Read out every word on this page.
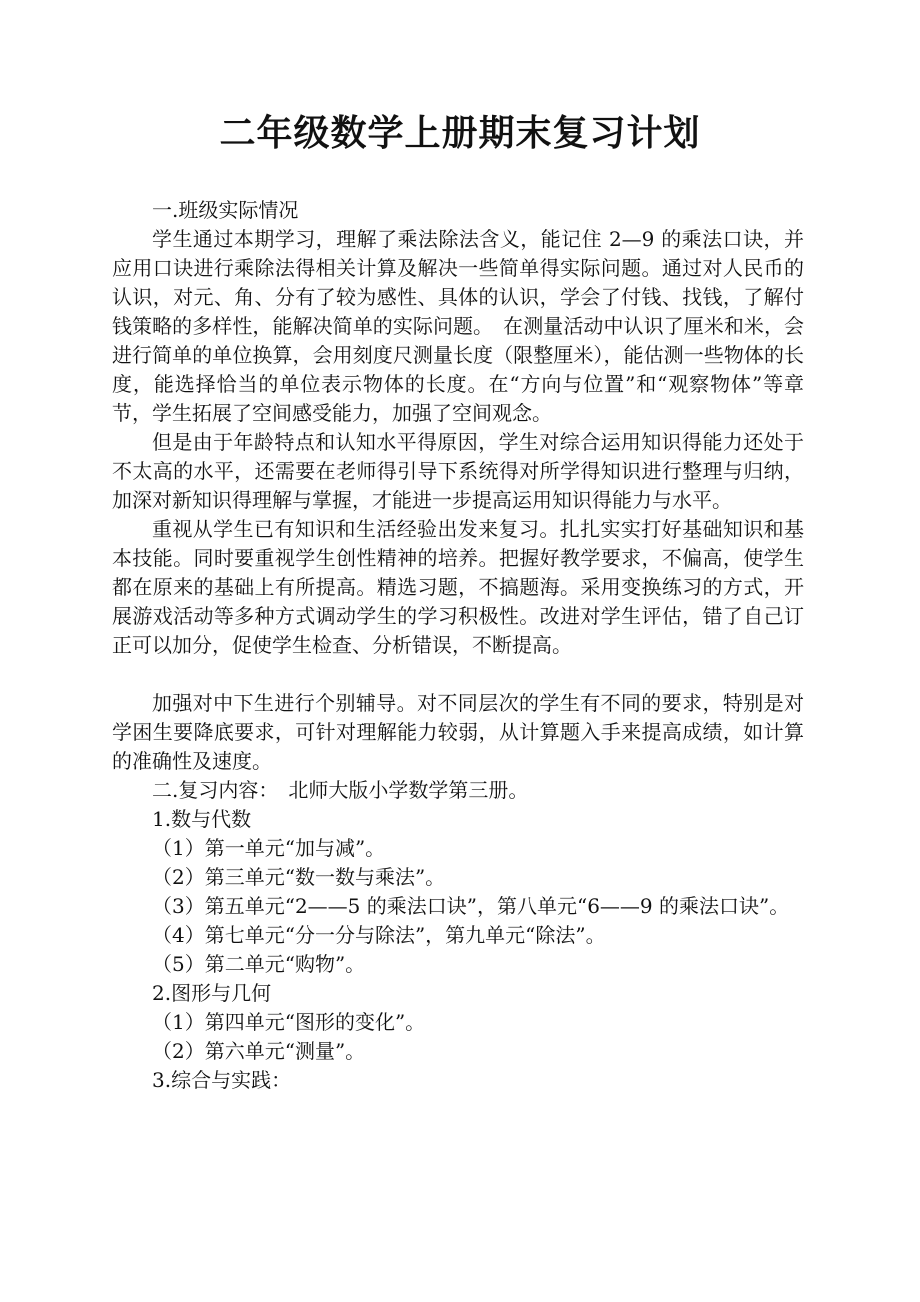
二年级数学上册期末复习计划

一.班级实际情况

学生通过本期学习，理解了乘法除法含义，能记住 2—9 的乘法口诀，并应用口诀进行乘除法得相关计算及解决一些简单得实际问题。通过对人民币的认识，对元、角、分有了较为感性、具体的认识，学会了付钱、找钱，了解付钱策略的多样性，能解决简单的实际问题。　在测量活动中认识了厘米和米，会进行简单的单位换算，会用刻度尺测量长度（限整厘米），能估测一些物体的长度，能选择恰当的单位表示物体的长度。在“方向与位置”和“观察物体”等章节，学生拓展了空间感受能力，加强了空间观念。

但是由于年龄特点和认知水平得原因，学生对综合运用知识得能力还处于不太高的水平，还需要在老师得引导下系统得对所学得知识进行整理与归纳，加深对新知识得理解与掌握，才能进一步提高运用知识得能力与水平。

重视从学生已有知识和生活经验出发来复习。扎扎实实打好基础知识和基本技能。同时要重视学生创性精神的培养。把握好教学要求，不偏高，使学生都在原来的基础上有所提高。精选习题，不搞题海。采用变换练习的方式，开展游戏活动等多种方式调动学生的学习积极性。改进对学生评估，错了自己订正可以加分，促使学生检查、分析错误，不断提高。

加强对中下生进行个别辅导。对不同层次的学生有不同的要求，特别是对学困生要降底要求，可针对理解能力较弱，从计算题入手来提高成绩，如计算的准确性及速度。

二.复习内容：　北师大版小学数学第三册。

1.数与代数

（1）第一单元“加与减”。

（2）第三单元“数一数与乘法”。

（3）第五单元“2——5 的乘法口诀”，第八单元“6——9 的乘法口诀”。

（4）第七单元“分一分与除法”，第九单元“除法”。

（5）第二单元“购物”。

2.图形与几何

（1）第四单元“图形的变化”。

（2）第六单元“测量”。

3.综合与实践：
